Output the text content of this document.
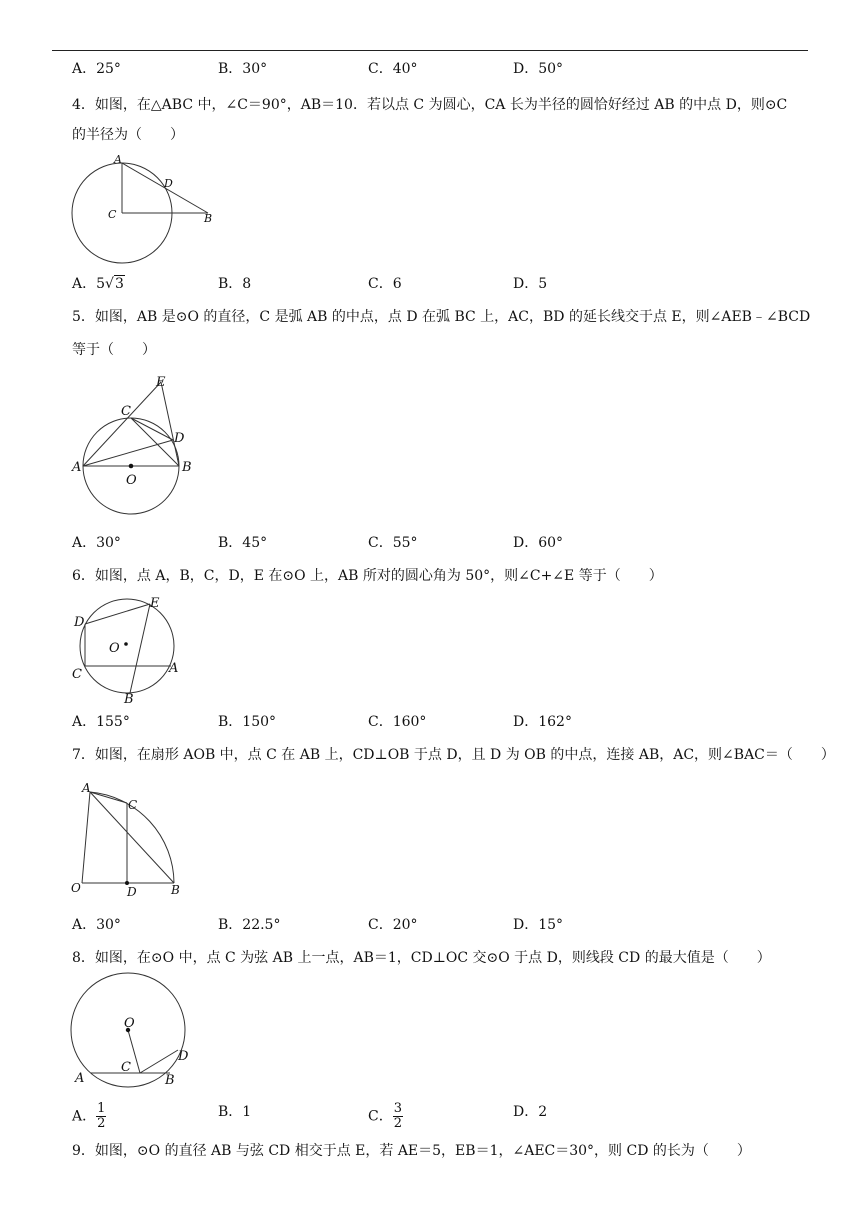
A．25°	B．30°	C．40°	D．50°
4．如图，在△ABC 中，∠C＝90°，AB＝10．若以点 C 为圆心，CA 长为半径的圆恰好经过 AB 的中点 D，则⊙C
的半径为（　　）
A
D
C	B
A．5√3	B．8	C．6	D．5
5．如图，AB 是⊙O 的直径，C 是弧 AB 的中点，点 D 在弧 BC 上，AC，BD 的延长线交于点 E，则∠AEB﹣∠BCD
等于（　　）
E
C
D
A	B
O
A．30°	B．45°	C．55°	D．60°
6．如图，点 A，B，C，D，E 在⊙O 上，AB 所对的圆心角为 50°，则∠C+∠E 等于（　　）
D
E
O
C	A
B
A．155°	B．150°	C．160°	D．162°
7．如图，在扇形 AOB 中，点 C 在 AB 上，CD⊥OB 于点 D，且 D 为 OB 的中点，连接 AB，AC，则∠BAC＝（　　）
A
C
O	D	B
A．30°	B．22.5°	C．20°	D．15°
8．如图，在⊙O 中，点 C 为弦 AB 上一点，AB＝1，CD⊥OC 交⊙O 于点 D，则线段 CD 的最大值是（　　）
O
D
C
A	B
A． $\frac{1}{2}$	B．1	C． $\frac{3}{2}$	D．2
9．如图，⊙O 的直径 AB 与弦 CD 相交于点 E，若 AE＝5，EB＝1，∠AEC＝30°，则 CD 的长为（　　）
